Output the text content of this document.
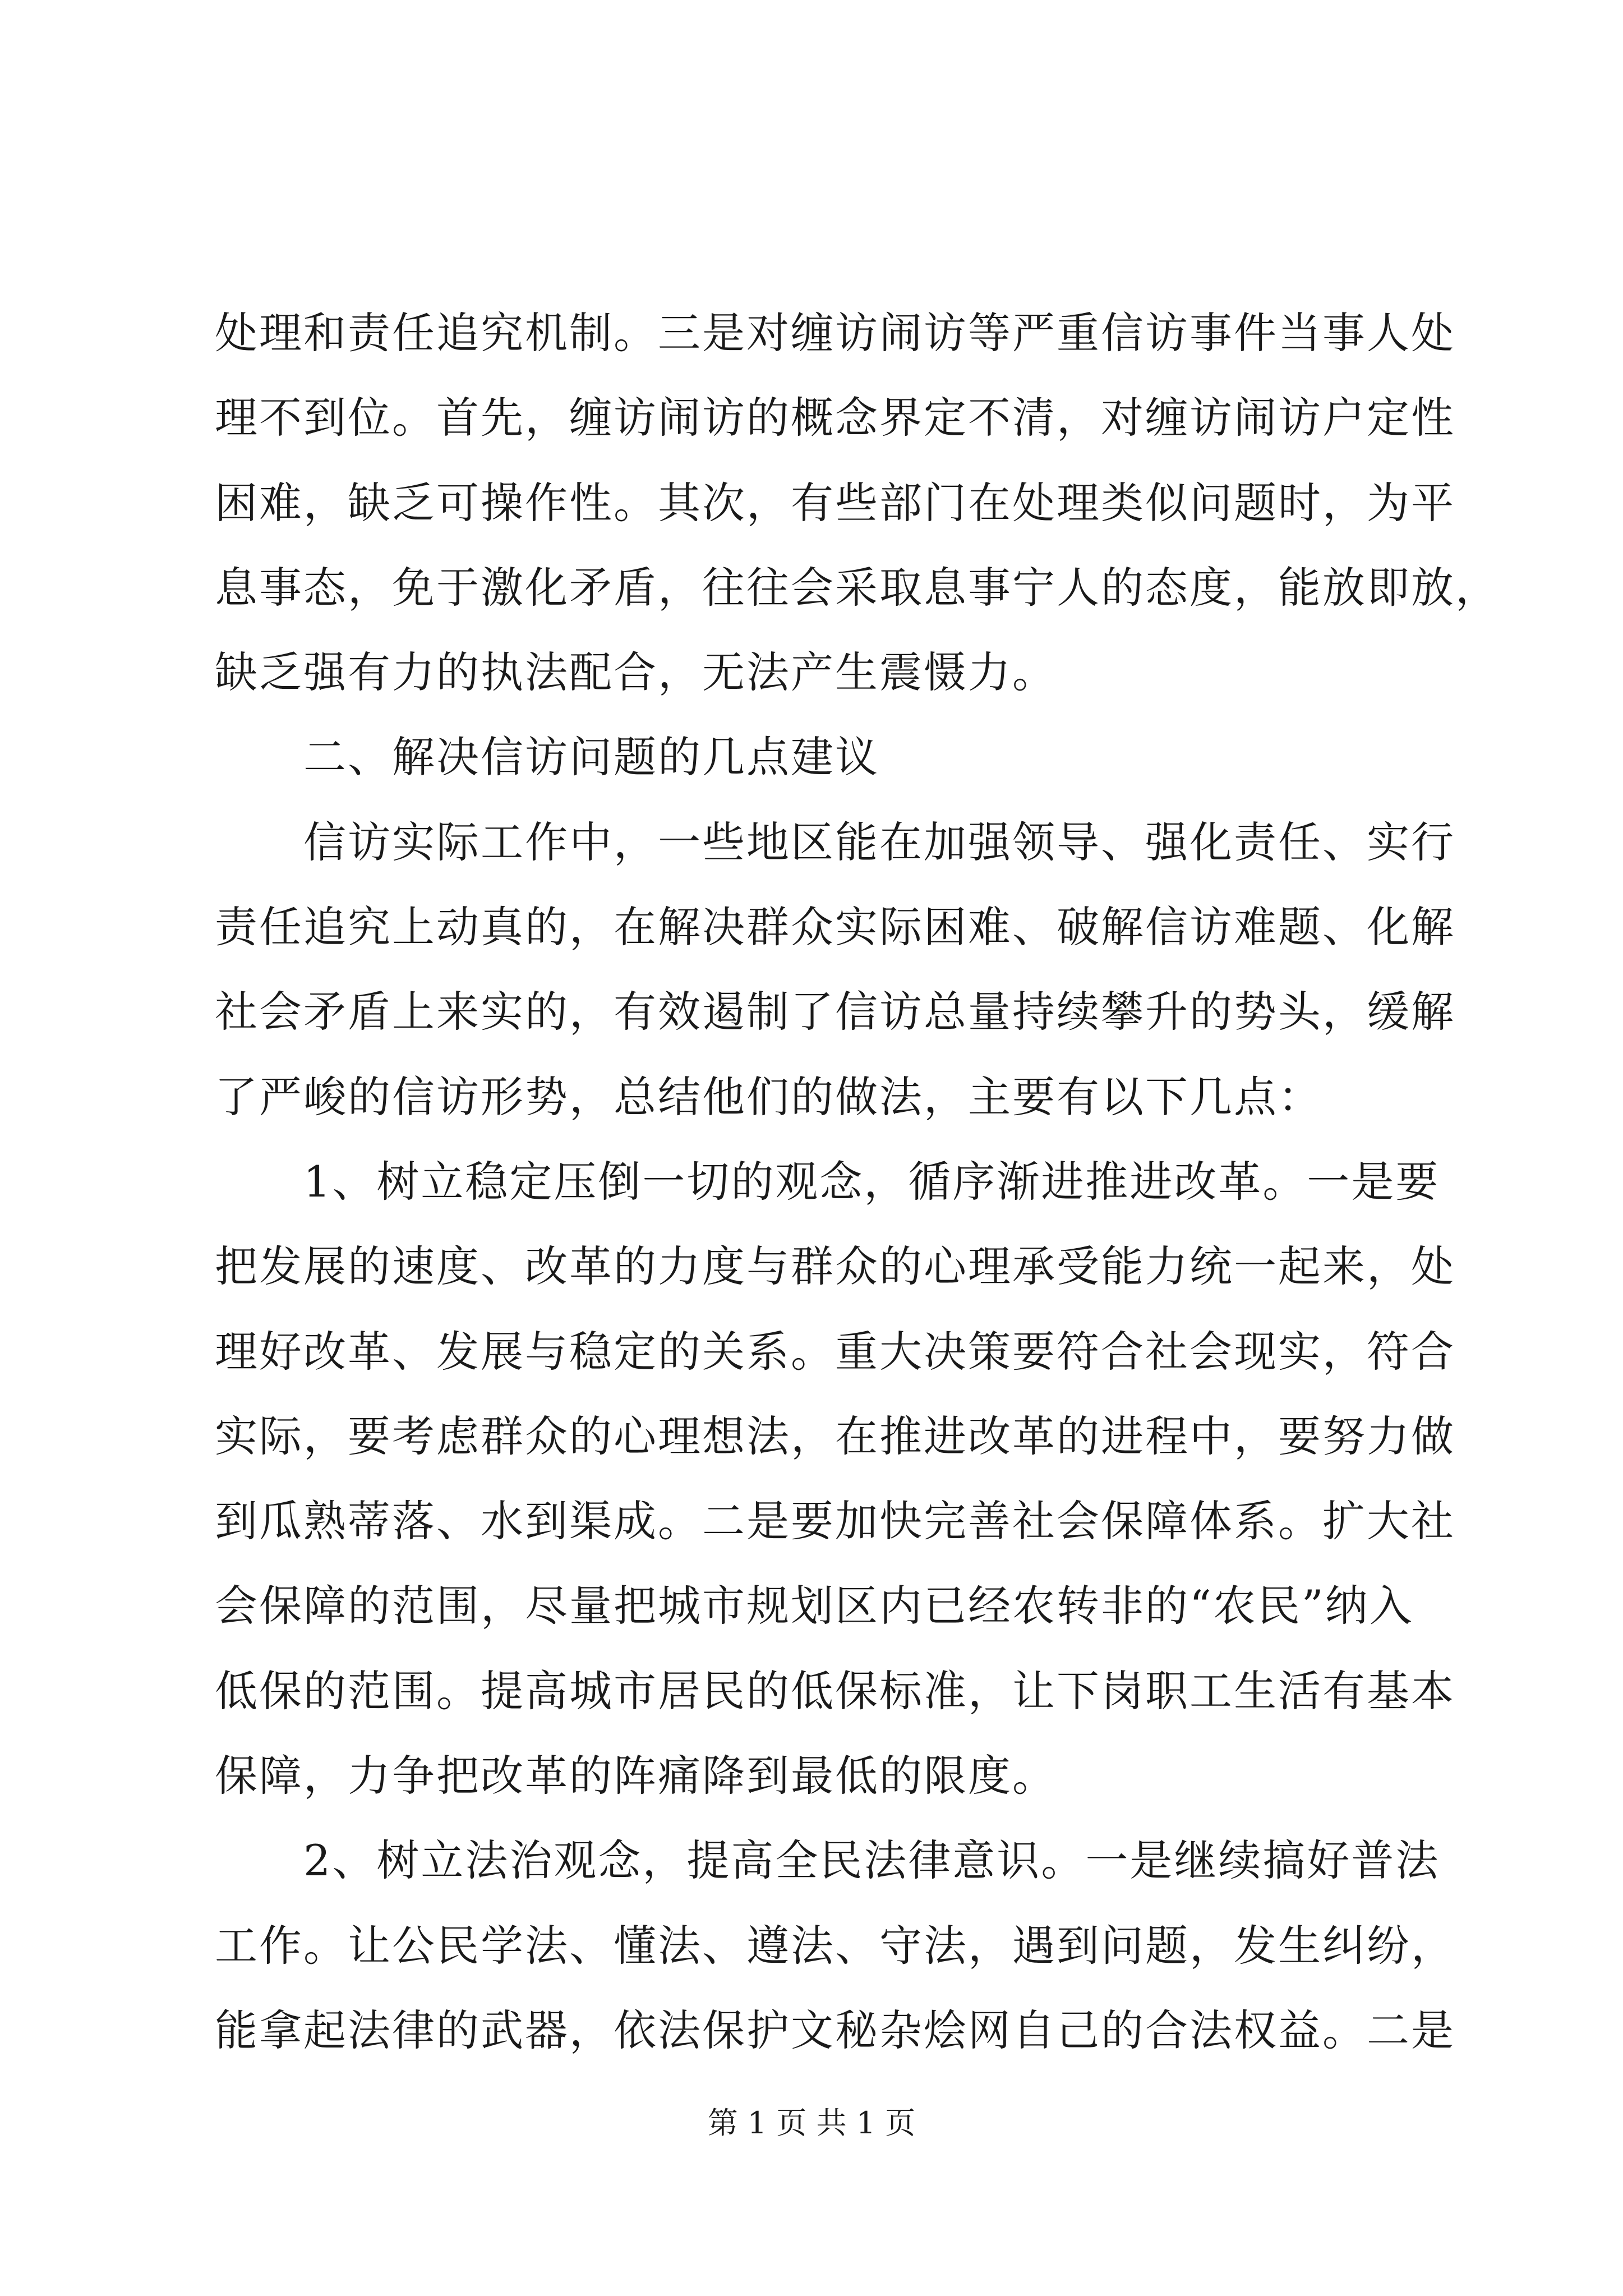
处理和责任追究机制。三是对缠访闹访等严重信访事件当事人处
理不到位。首先，缠访闹访的概念界定不清，对缠访闹访户定性
困难，缺乏可操作性。其次，有些部门在处理类似问题时，为平
息事态，免于激化矛盾，往往会采取息事宁人的态度，能放即放，
缺乏强有力的执法配合，无法产生震慑力。
　　二、解决信访问题的几点建议
　　信访实际工作中，一些地区能在加强领导、强化责任、实行
责任追究上动真的，在解决群众实际困难、破解信访难题、化解
社会矛盾上来实的，有效遏制了信访总量持续攀升的势头，缓解
了严峻的信访形势，总结他们的做法，主要有以下几点：
　　1、树立稳定压倒一切的观念，循序渐进推进改革。一是要
把发展的速度、改革的力度与群众的心理承受能力统一起来，处
理好改革、发展与稳定的关系。重大决策要符合社会现实，符合
实际，要考虑群众的心理想法，在推进改革的进程中，要努力做
到瓜熟蒂落、水到渠成。二是要加快完善社会保障体系。扩大社
会保障的范围，尽量把城市规划区内已经农转非的“农民”纳入
低保的范围。提高城市居民的低保标准，让下岗职工生活有基本
保障，力争把改革的阵痛降到最低的限度。
　　2、树立法治观念，提高全民法律意识。一是继续搞好普法
工作。让公民学法、懂法、遵法、守法，遇到问题，发生纠纷，
能拿起法律的武器，依法保护文秘杂烩网自己的合法权益。二是
第 1 页 共 1 页
